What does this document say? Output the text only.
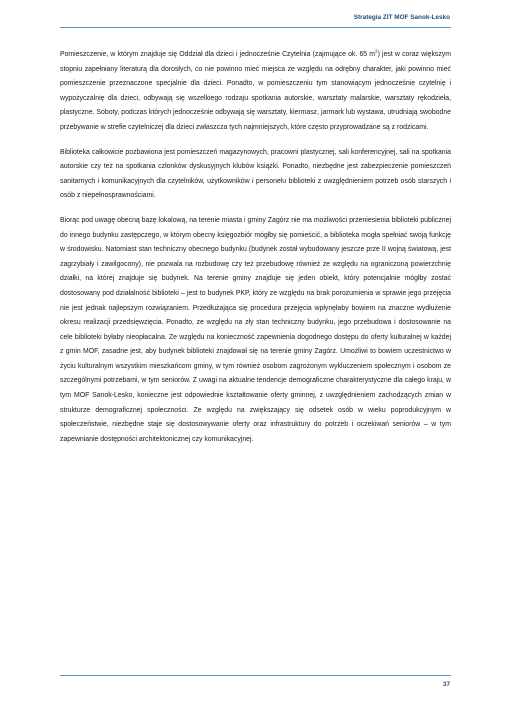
Strategia ZIT MOF Sanok-Lesko

Pomieszczenie, w którym znajduje się Oddział dla dzieci i jednocześnie Czytelnia (zajmujące ok. 65 $m^2$) jest w coraz większym stopniu zapełniany literaturą dla dorosłych, co nie powinno mieć miejsca ze względu na odrębny charakter, jaki powinno mieć pomieszczenie przeznaczone specjalnie dla dzieci. Ponadto, w pomieszczeniu tym stanowiącym jednocześnie czytelnię i wypożyczalnię dla dzieci, odbywają się wszelkiego rodzaju spotkania autorskie, warsztaty malarskie, warsztaty rękodzieła, plastyczne. Soboty, podczas których jednocześnie odbywają się warsztaty, kiermasz, jarmark lub wystawa, utrudniają swobodne przebywanie w strefie czytelniczej dla dzieci zwłaszcza tych najmniejszych, które często przyprowadzane są z rodzicami.

Biblioteka całkowicie pozbawiona jest pomieszczeń magazynowych, pracowni plastycznej, sali konferencyjnej, sali na spotkania autorskie czy też na spotkania członków dyskusyjnych klubów książki. Ponadto, niezbędne jest zabezpieczenie pomieszczeń sanitarnych i komunikacyjnych dla czytelników, użytkowników i personelu biblioteki z uwzględnieniem potrzeb osób starszych i osób z niepełnosprawnościami.

Biorąc pod uwagę obecną bazę lokalową, na terenie miasta i gminy Zagórz nie ma możliwości przeniesienia biblioteki publicznej do innego budynku zastępczego, w którym obecny księgozbiór mógłby się pomieścić, a biblioteka mogła spełniać swoją funkcję w środowisku. Natomiast stan techniczny obecnego budynku (budynek został wybudowany jeszcze prze II wojną światową, jest zagrzybiały i zawilgocony), nie pozwala na rozbudowę czy też przebudowę również ze względu na ograniczoną powierzchnię działki, na której znajduje się budynek. Na terenie gminy znajduje się jeden obiekt, który potencjalnie mógłby zostać dostosowany pod działalność biblioteki – jest to budynek PKP, który ze względu na brak porozumienia w sprawie jego przejęcia nie jest jednak najlepszym rozwiązaniem. Przedłużająca się procedura przejęcia wpłynęłaby bowiem na znaczne wydłużenie okresu realizacji przedsięwzięcia. Ponadto, ze względu na zły stan techniczny budynku, jego przebudowa i dostosowanie na cele biblioteki byłaby nieopłacalna. Ze względu na konieczność zapewnienia dogodnego dostępu do oferty kulturalnej w każdej z gmin MOF, zasadne jest, aby budynek biblioteki znajdował się na terenie gminy Zagórz. Umożliwi to bowiem uczestnictwo w życiu kulturalnym wszystkim mieszkańcom gminy, w tym również osobom zagrożonym wykluczeniem społecznym i osobom ze szczególnymi potrzebami, w tym seniorów. Z uwagi na aktualne tendencje demograficzne charakterystyczne dla całego kraju, w tym MOF Sanok-Lesko, konieczne jest odpowiednie kształtowanie oferty gminnej, z uwzględnieniem zachodzących zmian w strukturze demograficznej społeczności. Ze względu na zwiększający się odsetek osób w wieku poprodukcyjnym w społeczeństwie, niezbędne staje się dostosowywanie oferty oraz infrastruktury do potrzeb i oczekiwań seniorów – w tym zapewnianie dostępności architektonicznej czy komunikacyjnej.

37
